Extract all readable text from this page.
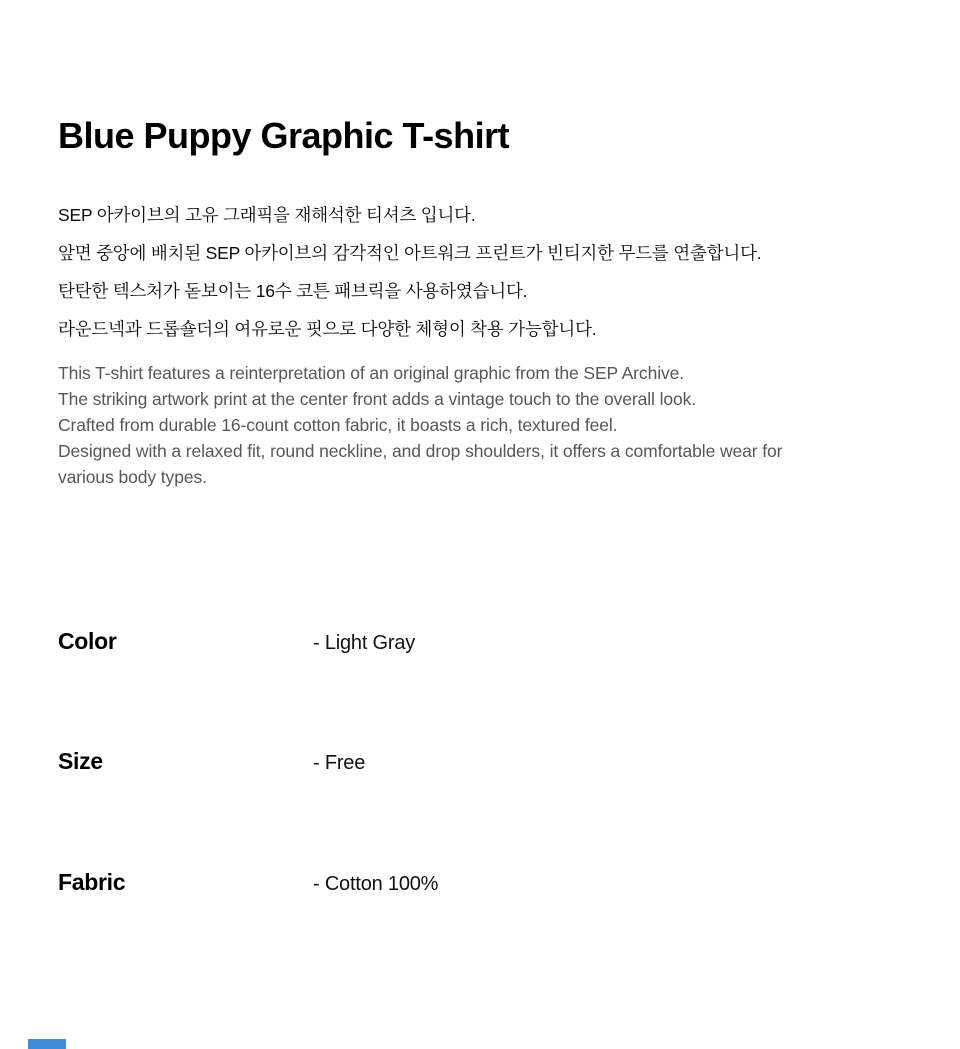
Blue Puppy Graphic T-shirt
SEP 아카이브의 고유 그래픽을 재해석한 티셔츠 입니다.
앞면 중앙에 배치된 SEP 아카이브의 감각적인 아트워크 프린트가 빈티지한 무드를 연출합니다.
탄탄한 텍스처가 돋보이는 16수 코튼 패브릭을 사용하였습니다.
라운드넥과 드롭숄더의 여유로운 핏으로 다양한 체형이 착용 가능합니다.
This T-shirt features a reinterpretation of an original graphic from the SEP Archive.
The striking artwork print at the center front adds a vintage touch to the overall look.
Crafted from durable 16-count cotton fabric, it boasts a rich, textured feel.
Designed with a relaxed fit, round neckline, and drop shoulders, it offers a comfortable wear for various body types.
Color	- Light Gray
Size	- Free
Fabric	- Cotton 100%
